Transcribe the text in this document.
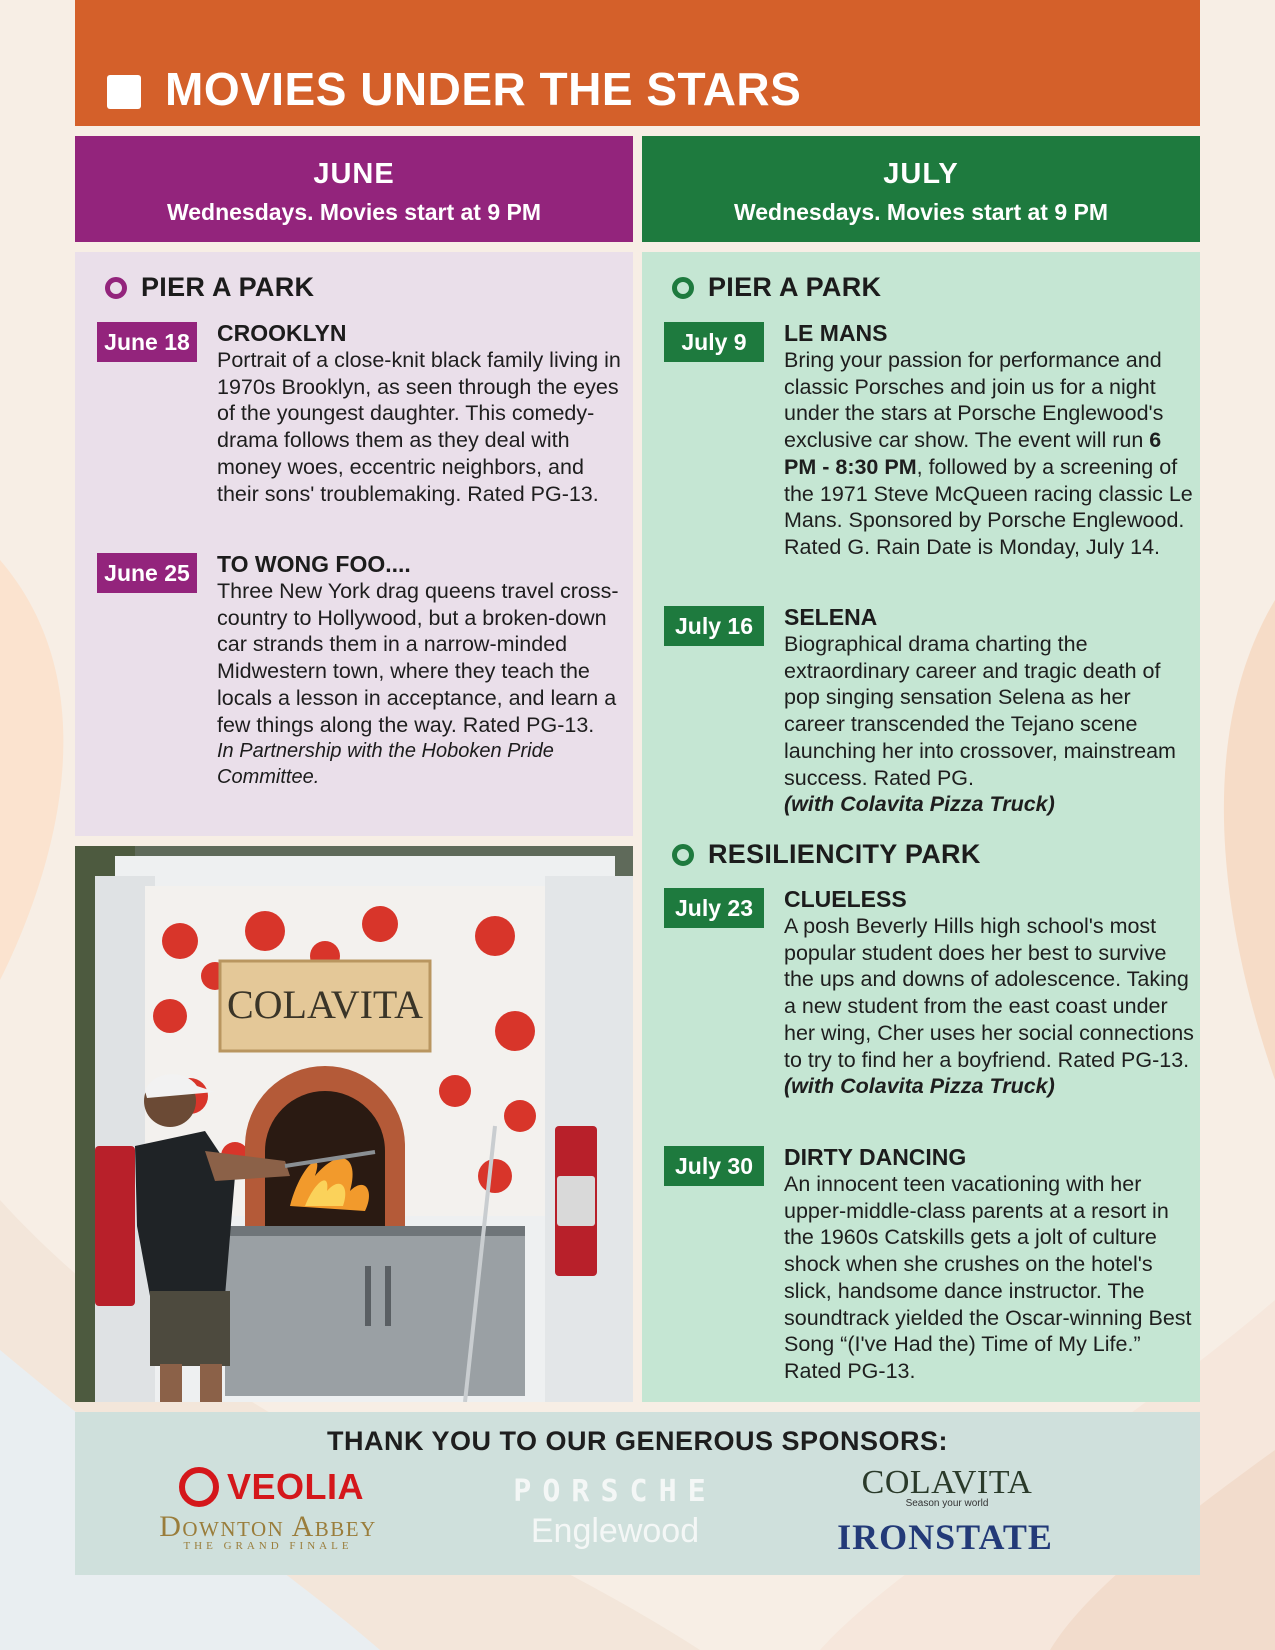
MOVIES UNDER THE STARS
JUNE
Wednesdays. Movies start at 9 PM
JULY
Wednesdays. Movies start at 9 PM
PIER A PARK
June 18	CROOKLYN
Portrait of a close-knit black family living in 1970s Brooklyn, as seen through the eyes of the youngest daughter. This comedy-drama follows them as they deal with money woes, eccentric neighbors, and their sons' troublemaking. Rated PG-13.
June 25	TO WONG FOO....
Three New York drag queens travel cross-country to Hollywood, but a broken-down car strands them in a narrow-minded Midwestern town, where they teach the locals a lesson in acceptance, and learn a few things along the way. Rated PG-13.
In Partnership with the Hoboken Pride Committee.
COLAVITA
PIER A PARK
July 9	LE MANS
Bring your passion for performance and classic Porsches and join us for a night under the stars at Porsche Englewood's exclusive car show. The event will run 6 PM - 8:30 PM, followed by a screening of the 1971 Steve McQueen racing classic Le Mans. Sponsored by Porsche Englewood. Rated G. Rain Date is Monday, July 14.
July 16	SELENA
Biographical drama charting the extraordinary career and tragic death of pop singing sensation Selena as her career transcended the Tejano scene launching her into crossover, mainstream success. Rated PG.
(with Colavita Pizza Truck)
RESILIENCITY PARK
July 23	CLUELESS
A posh Beverly Hills high school's most popular student does her best to survive the ups and downs of adolescence. Taking a new student from the east coast under her wing, Cher uses her social connections to try to find her a boyfriend. Rated PG-13. (with Colavita Pizza Truck)
July 30	DIRTY DANCING
An innocent teen vacationing with her upper-middle-class parents at a resort in the 1960s Catskills gets a jolt of culture shock when she crushes on the hotel's slick, handsome dance instructor. The soundtrack yielded the Oscar-winning Best Song “(I've Had the) Time of My Life.” Rated PG-13.
THANK YOU TO OUR GENEROUS SPONSORS:
VEOLIA
Downton Abbey
THE GRAND FINALE
PORSCHE
Englewood
COLAVITA
Season your world
IRONSTATE
